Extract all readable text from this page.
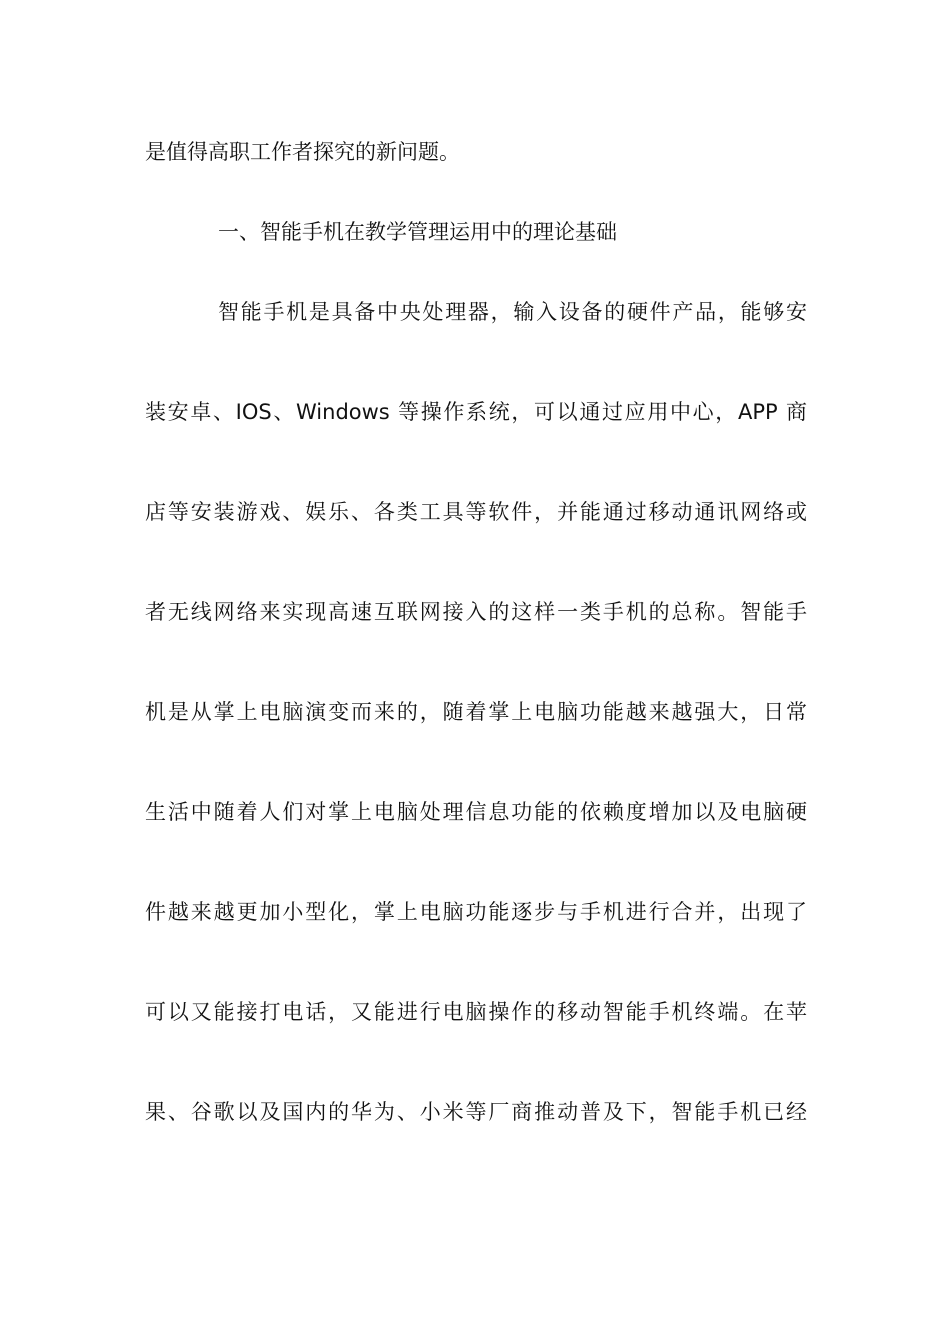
是值得高职工作者探究的新问题。
一、智能手机在教学管理运用中的理论基础
智能手机是具备中央处理器，输入设备的硬件产品，能够安
装安卓、IOS、Windows 等操作系统，可以通过应用中心，APP 商
店等安装游戏、娱乐、各类工具等软件，并能通过移动通讯网络或
者无线网络来实现高速互联网接入的这样一类手机的总称。智能手
机是从掌上电脑演变而来的，随着掌上电脑功能越来越强大，日常
生活中随着人们对掌上电脑处理信息功能的依赖度增加以及电脑硬
件越来越更加小型化，掌上电脑功能逐步与手机进行合并，出现了
可以又能接打电话，又能进行电脑操作的移动智能手机终端。在苹
果、谷歌以及国内的华为、小米等厂商推动普及下，智能手机已经
